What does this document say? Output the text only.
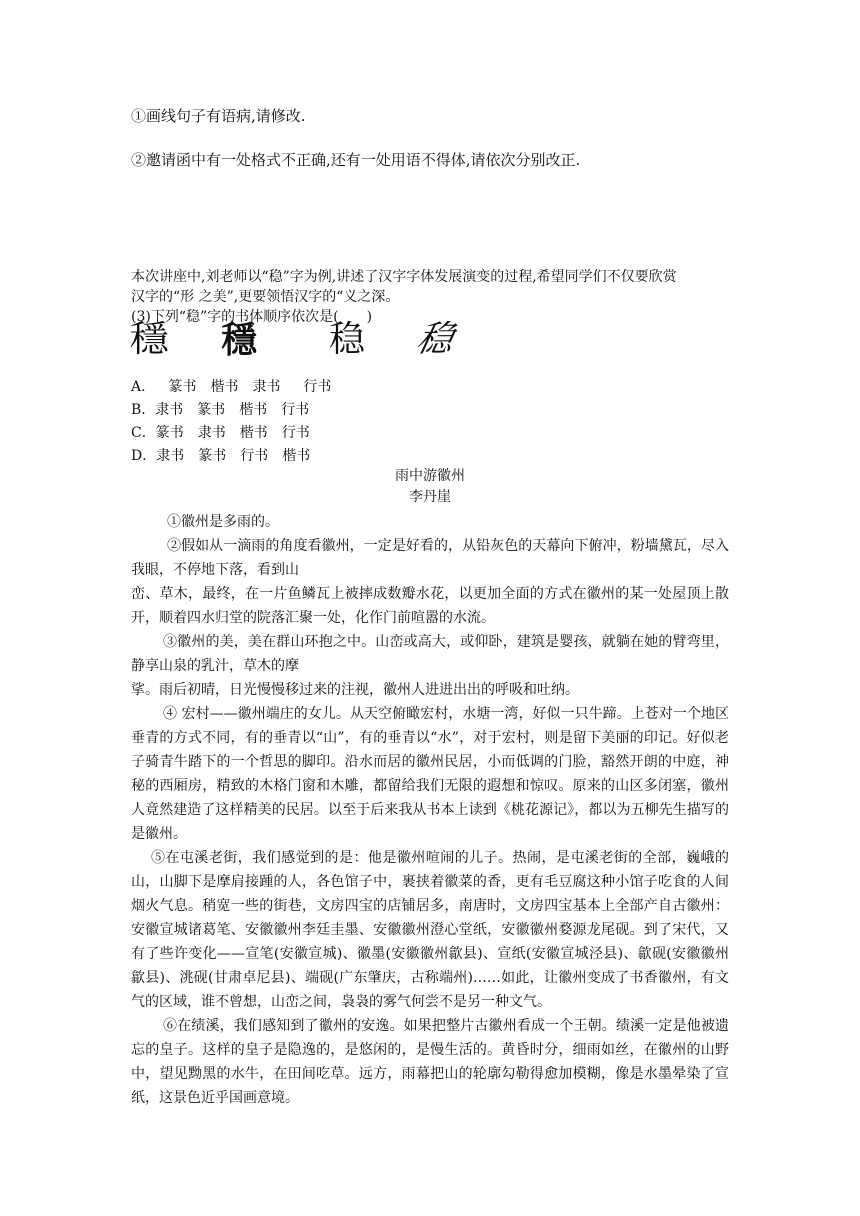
①画线句子有语病,请修改.
②邀请函中有一处格式不正确,还有一处用语不得体,请依次分别改正.

本次讲座中,刘老师以“稳”字为例,讲述了汉字字体发展演变的过程,希望同学们不仅要欣赏

汉字的“形 之美”,更要领悟汉字的“义之深。

(3)下列“稳”字的书体顺序依次是(　　)

穩 穩 稳 稳
A.　  篆书　楷书　隶书　  行书
B．隶书　篆书　楷书　行书
C．篆书　隶书　楷书　行书
D．隶书　篆书　行书　楷书
雨中游徽州
李丹崖

①徽州是多雨的。

②假如从一滴雨的角度看徽州，一定是好看的，从铅灰色的天幕向下俯冲，粉墙黛瓦，尽入我眼，不停地下落，看到山

峦、草木，最终，在一片鱼鳞瓦上被摔成数瓣水花，以更加全面的方式在徽州的某一处屋顶上散开，顺着四水归堂的院落汇聚一处，化作门前喧嚣的水流。

③徽州的美，美在群山环抱之中。山峦或高大，或仰卧，建筑是婴孩，就躺在她的臂弯里，静享山泉的乳汁，草木的摩

挲。雨后初晴，日光慢慢移过来的注视，徽州人进进出出的呼吸和吐纳。

④ 宏村——徽州端庄的女儿。从天空俯瞰宏村，水塘一湾，好似一只牛蹄。上苍对一个地区垂青的方式不同，有的垂青以“山”，有的垂青以“水”，对于宏村，则是留下美丽的印记。好似老子骑青牛踏下的一个哲思的脚印。沿水而居的徽州民居，小而低调的门脸，豁然开朗的中庭，神秘的西厢房，精致的木格门窗和木雕，都留给我们无限的遐想和惊叹。原来的山区多闭塞，徽州人竟然建造了这样精美的民居。以至于后来我从书本上读到《桃花源记》，都以为五柳先生描写的是徽州。

⑤在屯溪老街，我们感觉到的是：他是徽州喧闹的儿子。热闹，是屯溪老街的全部，巍峨的山，山脚下是摩肩接踵的人，各色馆子中，裹挟着徽菜的香，更有毛豆腐这种小馆子吃食的人间烟火气息。稍宽一些的街巷，文房四宝的店铺居多，南唐时，文房四宝基本上全部产自古徽州：安徽宣城诸葛笔、安徽徽州李廷圭墨、安徽徽州澄心堂纸，安徽徽州婺源龙尾砚。到了宋代，又有了些许变化——宣笔(安徽宣城)、徽墨(安徽徽州歙县)、宣纸(安徽宣城泾县)、歙砚(安徽徽州歙县)、洮砚(甘肃卓尼县)、端砚(广东肇庆，古称端州)……如此，让徽州变成了书香徽州，有文气的区域，谁不曾想，山峦之间，袅袅的雾气何尝不是另一种文气。

⑥在绩溪，我们感知到了徽州的安逸。如果把整片古徽州看成一个王朝。绩溪一定是他被遗忘的皇子。这样的皇子是隐逸的，是悠闲的，是慢生活的。黄昏时分，细雨如丝，在徽州的山野中，望见黝黑的水牛，在田间吃草。远方，雨幕把山的轮廓勾勒得愈加模糊，像是水墨晕染了宣纸，这景色近乎国画意境。
